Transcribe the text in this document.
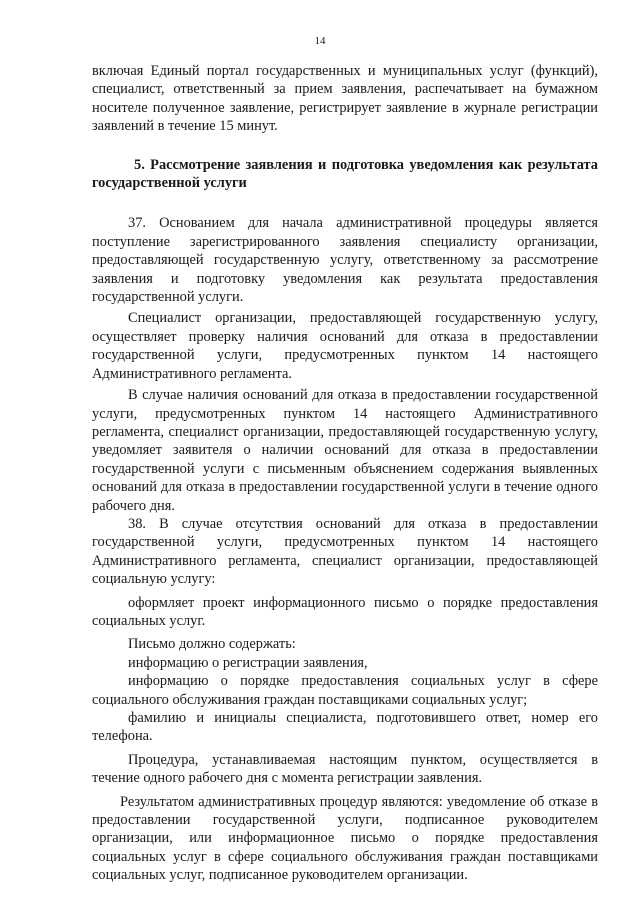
14

включая Единый портал государственных и муниципальных услуг (функций), специалист, ответственный за прием заявления, распечатывает на бумажном носителе полученное заявление, регистрирует заявление в журнале регистрации заявлений в течение 15 минут.

5. Рассмотрение заявления и подготовка уведомления как результата государственной услуги

37. Основанием для начала административной процедуры является поступление зарегистрированного заявления специалисту организации, предоставляющей государственную услугу, ответственному за рассмотрение заявления и подготовку уведомления как результата предоставления государственной услуги.

Специалист организации, предоставляющей государственную услугу, осуществляет проверку наличия оснований для отказа в предоставлении государственной услуги, предусмотренных пунктом 14 настоящего Административного регламента.

В случае наличия оснований для отказа в предоставлении государственной услуги, предусмотренных пунктом 14 настоящего Административного регламента, специалист организации, предоставляющей государственную услугу, уведомляет заявителя о наличии оснований для отказа в предоставлении государственной услуги с письменным объяснением содержания выявленных оснований для отказа в предоставлении государственной услуги в течение одного рабочего дня.

38. В случае отсутствия оснований для отказа в предоставлении государственной услуги, предусмотренных пунктом 14 настоящего Административного регламента, специалист организации, предоставляющей социальную услугу:

оформляет проект информационного письмо о порядке предоставления социальных услуг.

Письмо должно содержать:

информацию о регистрации заявления,

информацию о порядке предоставления социальных услуг в сфере социального обслуживания граждан поставщиками социальных услуг;

фамилию и инициалы специалиста, подготовившего ответ, номер его телефона.

Процедура, устанавливаемая настоящим пунктом, осуществляется в течение одного рабочего дня с момента регистрации заявления.

Результатом административных процедур являются: уведомление об отказе в предоставлении государственной услуги, подписанное руководителем организации, или информационное письмо о порядке предоставления социальных услуг в сфере социального обслуживания граждан поставщиками социальных услуг, подписанное руководителем организации.
